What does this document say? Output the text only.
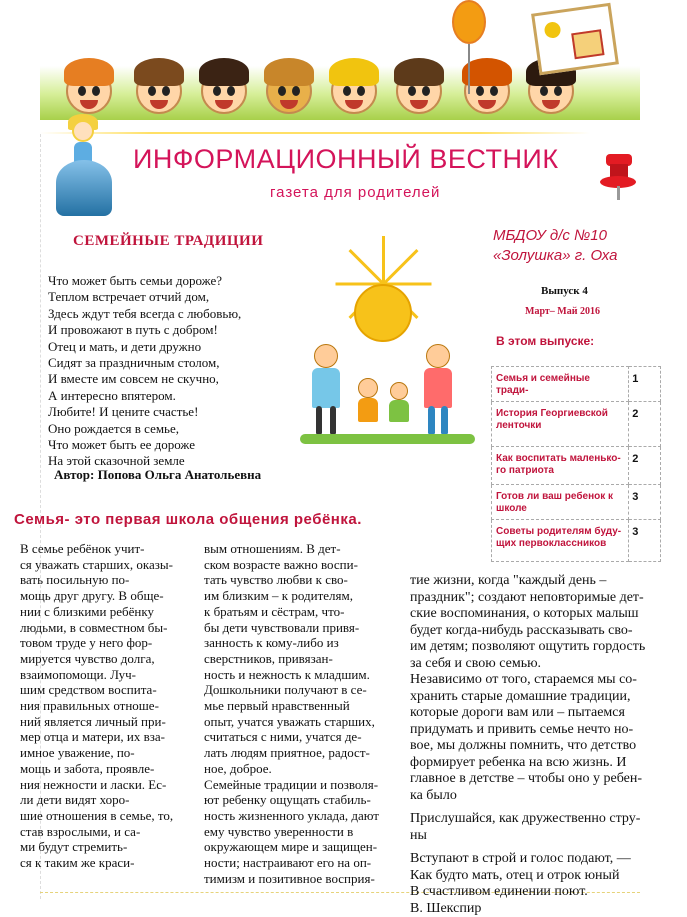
ИНФОРМАЦИОННЫЙ ВЕСТНИК
газета для родителей
СЕМЕЙНЫЕ ТРАДИЦИИ
Что может быть семьи дороже?
Теплом встречает отчий дом,
Здесь ждут тебя всегда с любовью,
И провожают в путь с добром!
Отец и мать, и дети дружно
Сидят за праздничным столом,
И вместе им совсем не скучно,
А интересно впятером.
Любите! И цените счастье!
Оно рождается в семье,
Что может быть ее дороже
На этой сказочной земле
Автор: Попова Ольга Анатольевна
МБДОУ д/с №10
«Золушка» г. Оха
Выпуск 4
Март– Май 2016
В этом выпуске:
Семья и семейные тради-	1
История Георгиевской ленточки	2
Как воспитать маленько-го патриота	2
Готов ли ваш ребенок к школе	3
Советы родителям буду-щих первоклассников	3
Семья- это первая школа общения ребёнка.
В семье ребёнок учит-
ся уважать старших, оказы-
вать посильную по-
мощь друг другу. В обще-
нии с близкими ребёнку
людьми, в совместном бы-
товом труде у него фор-
мируется чувство долга,
взаимопомощи. Луч-
шим средством воспита-
ния правильных отноше-
ний является личный при-
мер отца и матери, их вза-
имное уважение, по-
мощь и забота, проявле-
ния нежности и ласки. Ес-
ли дети видят хоро-
шие отношения в семье, то,
став взрослыми, и са-
ми будут стремить-
ся к таким же краси-
вым отношениям. В дет-
ском возрасте важно воспи-
тать чувство любви к сво-
им близким – к родителям,
к братьям и сёстрам, что-
бы дети чувствовали привя-
занность к кому-либо из
сверстников, привязан-
ность и нежность к младшим.
Дошкольники получают в се-
мье первый нравственный
опыт, учатся уважать старших,
считаться с ними, учатся де-
лать людям приятное, радост-
ное, доброе.
Семейные традиции и позволя-
ют ребенку ощущать стабиль-
ность жизненного уклада, дают
ему чувство уверенности в
окружающем мире и защищен-
ности; настраивают его на оп-
тимизм и позитивное восприя-
тие жизни, когда "каждый день –
праздник"; создают неповторимые дет-
ские воспоминания, о которых малыш
будет когда-нибудь рассказывать сво-
им детям; позволяют ощутить гордость
за себя и свою семью.
Независимо от того, стараемся мы со-
хранить старые домашние традиции,
которые дороги вам или – пытаемся
придумать и привить семье нечто но-
вое, мы должны помнить, что детство
формирует ребенка на всю жизнь. И
главное в детстве – чтобы оно у ребен-
ка было
Прислушайся, как дружественно стру-
ны
Вступают в строй и голос подают, —
Как будто мать, отец и отрок юный
В счастливом единении поют.
В. Шекспир
